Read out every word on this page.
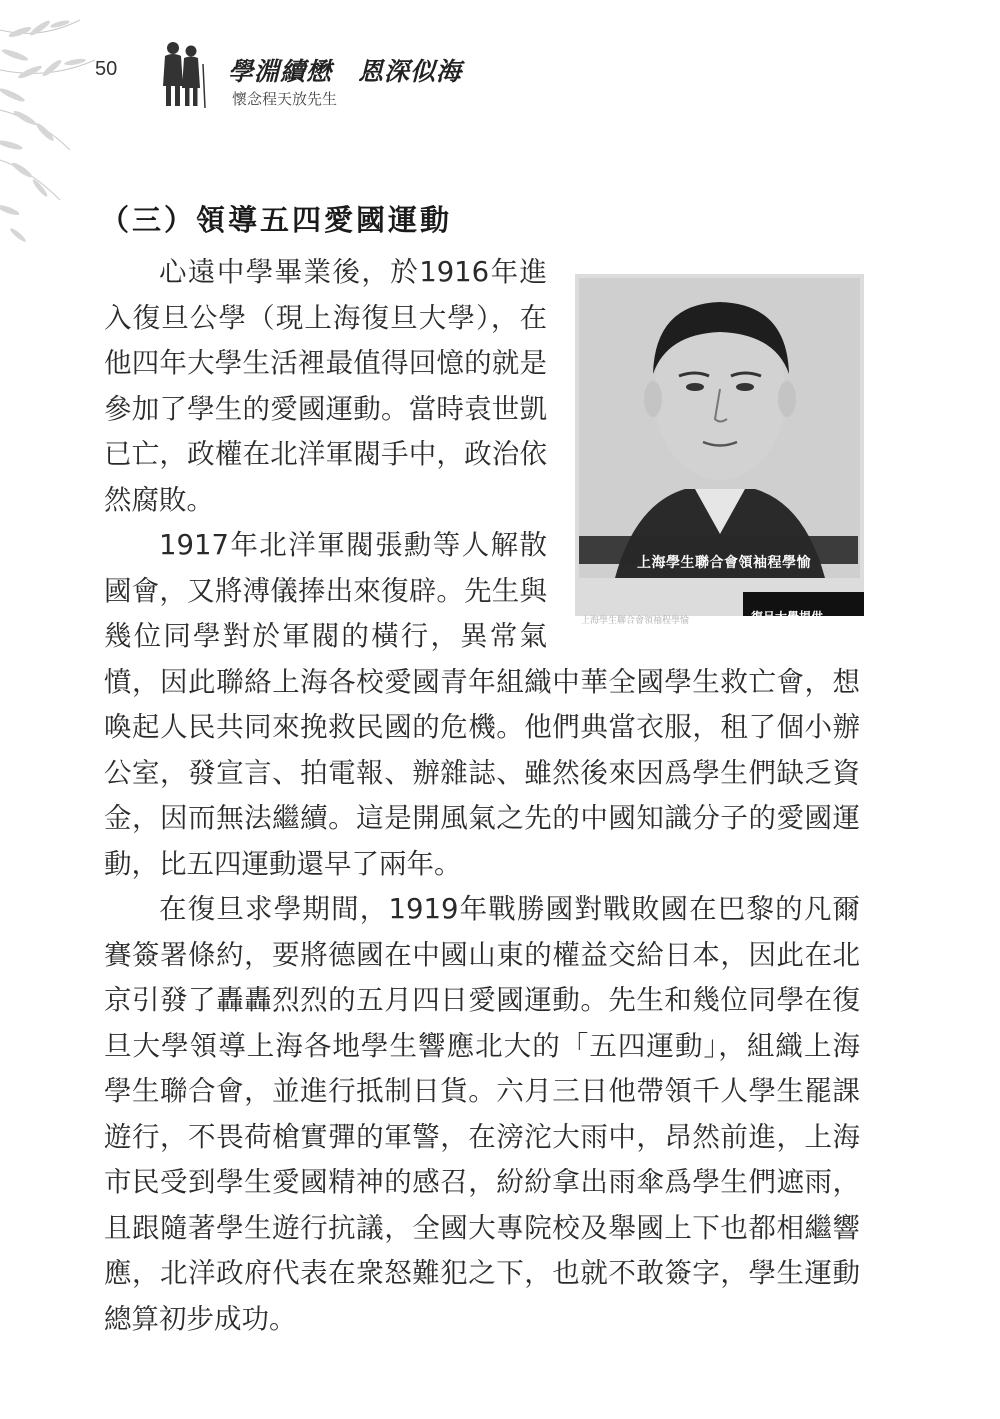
50	學淵續懋　恩深似海
懷念程天放先生
（三）領導五四愛國運動
上海學生聯合會領袖程學愉
上海學生聯合會領袖程學愉	復旦大學提供

心遠中學畢業後，於1916年進入復旦公學（現上海復旦大學），在他四年大學生活裡最值得回憶的就是參加了學生的愛國運動。當時袁世凱已亡，政權在北洋軍閥手中，政治依然腐敗。

1917年北洋軍閥張勳等人解散國會，又將溥儀捧出來復辟。先生與幾位同學對於軍閥的橫行，異常氣憤，因此聯絡上海各校愛國青年組織中華全國學生救亡會，想喚起人民共同來挽救民國的危機。他們典當衣服，租了個小辦公室，發宣言、拍電報、辦雜誌、雖然後來因爲學生們缺乏資金，因而無法繼續。這是開風氣之先的中國知識分子的愛國運動，比五四運動還早了兩年。

在復旦求學期間，1919年戰勝國對戰敗國在巴黎的凡爾賽簽署條約，要將德國在中國山東的權益交給日本，因此在北京引發了轟轟烈烈的五月四日愛國運動。先生和幾位同學在復旦大學領導上海各地學生響應北大的「五四運動」，組織上海學生聯合會，並進行抵制日貨。六月三日他帶領千人學生罷課遊行，不畏荷槍實彈的軍警，在滂沱大雨中，昂然前進，上海市民受到學生愛國精神的感召，紛紛拿出雨傘爲學生們遮雨，且跟隨著學生遊行抗議，全國大專院校及舉國上下也都相繼響應，北洋政府代表在衆怒難犯之下，也就不敢簽字，學生運動總算初步成功。
